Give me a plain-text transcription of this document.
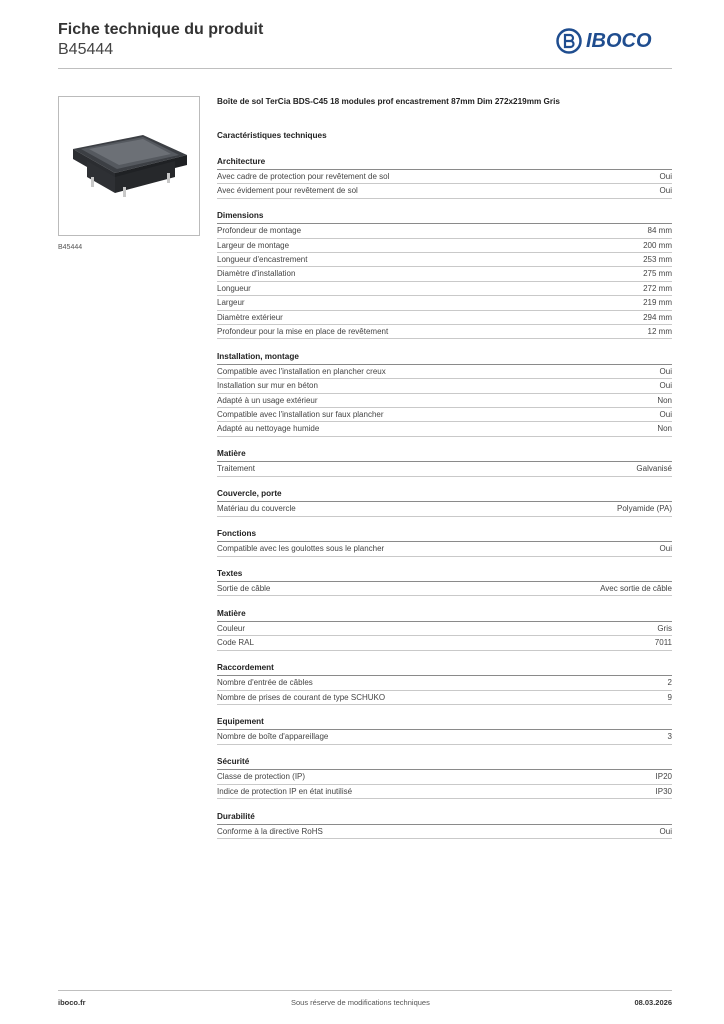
Fiche technique du produit
B45444	IBOCO
B45444
Boîte de sol TerCia BDS-C45 18 modules prof encastrement 87mm Dim 272x219mm Gris
Caractéristiques techniques
Architecture
Avec cadre de protection pour revêtement de sol	Oui
Avec évidement pour revêtement de sol	Oui
Dimensions
Profondeur de montage	84 mm
Largeur de montage	200 mm
Longueur d'encastrement	253 mm
Diamètre d'installation	275 mm
Longueur	272 mm
Largeur	219 mm
Diamètre extérieur	294 mm
Profondeur pour la mise en place de revêtement	12 mm
Installation, montage
Compatible avec l'installation en plancher creux	Oui
Installation sur mur en béton	Oui
Adapté à un usage extérieur	Non
Compatible avec l'installation sur faux plancher	Oui
Adapté au nettoyage humide	Non
Matière
Traitement	Galvanisé
Couvercle, porte
Matériau du couvercle	Polyamide (PA)
Fonctions
Compatible avec les goulottes sous le plancher	Oui
Textes
Sortie de câble	Avec sortie de câble
Matière
Couleur	Gris
Code RAL	7011
Raccordement
Nombre d'entrée de câbles	2
Nombre de prises de courant de type SCHUKO	9
Equipement
Nombre de boîte d'appareillage	3
Sécurité
Classe de protection (IP)	IP20
Indice de protection IP en état inutilisé	IP30
Durabilité
Conforme à la directive RoHS	Oui
iboco.fr	Sous réserve de modifications techniques	08.03.2026
